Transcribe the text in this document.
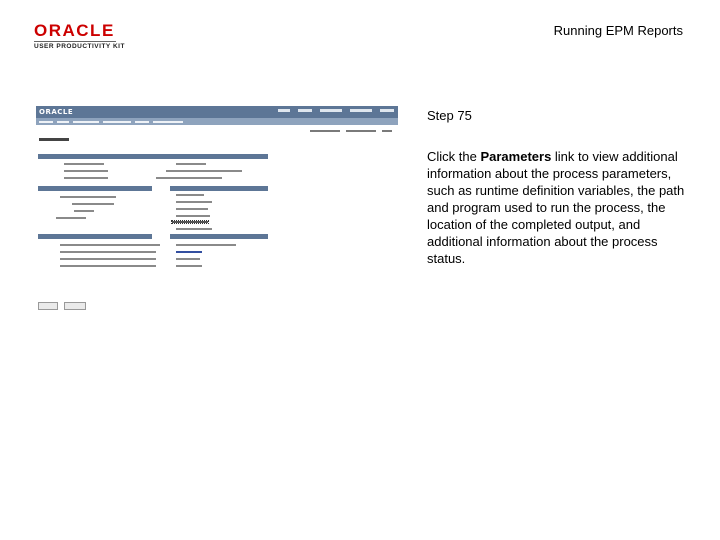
ORACLE
USER PRODUCTIVITY KIT
Running EPM Reports
Step 75
Click the Parameters link to view additional information about the process parameters, such as runtime definition variables, the path and program used to run the process, the location of the completed output, and additional information about the process status.
ORACLE
